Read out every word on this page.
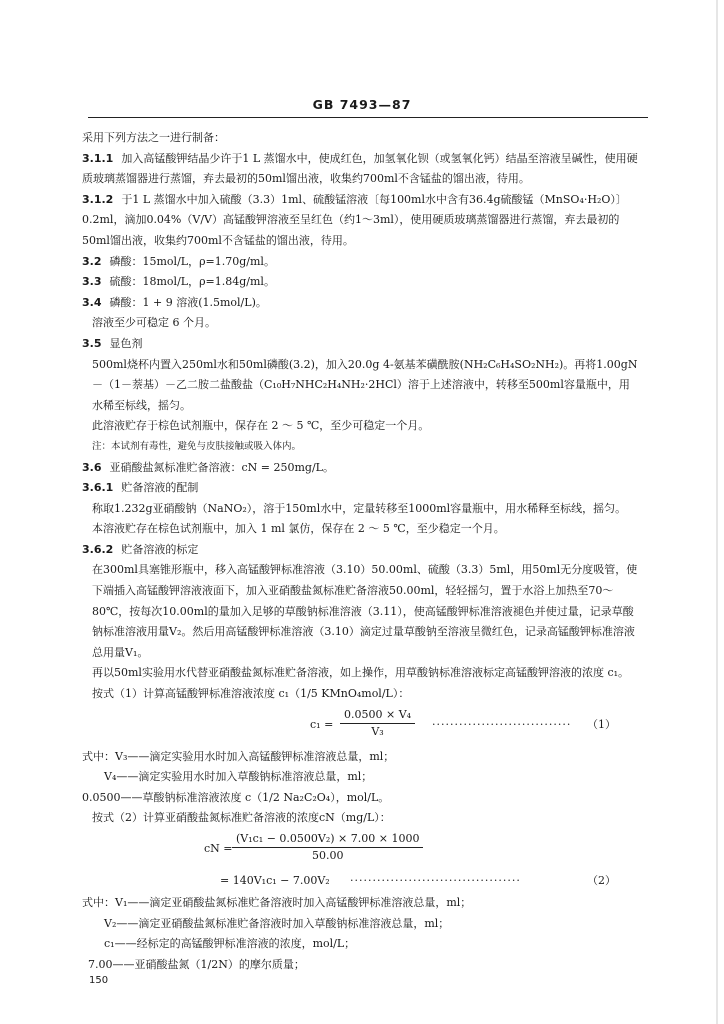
GB 7493—87

采用下列方法之一进行制备：

3.1.1 加入高锰酸钾结晶少许于1 L 蒸馏水中，使成红色，加氢氧化钡（或氢氧化钙）结晶至溶液呈碱性，使用硬质玻璃蒸馏器进行蒸馏，弃去最初的50ml馏出液，收集约700ml不含锰盐的馏出液，待用。

3.1.2 于1 L 蒸馏水中加入硫酸（3.3）1ml、硫酸锰溶液〔每100ml水中含有36.4g硫酸锰（MnSO₄·H₂O）〕0.2ml，滴加0.04%（V/V）高锰酸钾溶液至呈红色（约1～3ml），使用硬质玻璃蒸馏器进行蒸馏，弃去最初的50ml馏出液，收集约700ml不含锰盐的馏出液，待用。

3.2 磷酸：15mol/L，ρ=1.70g/ml。

3.3 硫酸：18mol/L，ρ=1.84g/ml。

3.4 磷酸：1 + 9 溶液(1.5mol/L)。

溶液至少可稳定 6 个月。

3.5 显色剂

500ml烧杯内置入250ml水和50ml磷酸(3.2)，加入20.0g 4-氨基苯磺酰胺(NH₂C₆H₄SO₂NH₂)。再将1.00gN－（1－萘基）－乙二胺二盐酸盐（C₁₀H₇NHC₂H₄NH₂·2HCl）溶于上述溶液中，转移至500ml容量瓶中，用水稀至标线，摇匀。

此溶液贮存于棕色试剂瓶中，保存在 2 ～ 5 ℃，至少可稳定一个月。

注：本试剂有毒性，避免与皮肤接触或吸入体内。

3.6 亚硝酸盐氮标准贮备溶液：cN = 250mg/L。

3.6.1 贮备溶液的配制

称取1.232g亚硝酸钠（NaNO₂），溶于150ml水中，定量转移至1000ml容量瓶中，用水稀释至标线，摇匀。

本溶液贮存在棕色试剂瓶中，加入 1 ml 氯仿，保存在 2 ～ 5 ℃，至少稳定一个月。

3.6.2 贮备溶液的标定

在300ml具塞锥形瓶中，移入高锰酸钾标准溶液（3.10）50.00ml、硫酸（3.3）5ml，用50ml无分度吸管，使下端插入高锰酸钾溶液液面下，加入亚硝酸盐氮标准贮备溶液50.00ml，轻轻摇匀，置于水浴上加热至70～80℃，按每次10.00ml的量加入足够的草酸钠标准溶液（3.11），使高锰酸钾标准溶液褪色并使过量，记录草酸钠标准溶液用量V₂。然后用高锰酸钾标准溶液（3.10）滴定过量草酸钠至溶液呈微红色，记录高锰酸钾标准溶液总用量V₁。

再以50ml实验用水代替亚硝酸盐氮标准贮备溶液，如上操作，用草酸钠标准溶液标定高锰酸钾溶液的浓度 c₁。

按式（1）计算高锰酸钾标准溶液浓度 c₁（1/5 KMnO₄mol/L）：

$c_1 = \frac{\text{0.0500 × V₄}}{\text{V₃}}$ ······························· （1）

式中：V₃——滴定实验用水时加入高锰酸钾标准溶液总量，ml；

V₄——滴定实验用水时加入草酸钠标准溶液总量，ml；

0.0500——草酸钠标准溶液浓度 c（1/2 Na₂C₂O₄），mol/L。

按式（2）计算亚硝酸盐氮标准贮备溶液的浓度cN（mg/L）：

cN = $\frac{\text{(V₁c₁ − 0.0500V₂) × 7.00 × 1000}}{50.00}$
= 140V₁c₁ − 7.00V₂ ······································	（2）

式中：V₁——滴定亚硝酸盐氮标准贮备溶液时加入高锰酸钾标准溶液总量，ml；

V₂——滴定亚硝酸盐氮标准贮备溶液时加入草酸钠标准溶液总量，ml；

c₁——经标定的高锰酸钾标准溶液的浓度，mol/L；

7.00——亚硝酸盐氮（1/2N）的摩尔质量；

150
